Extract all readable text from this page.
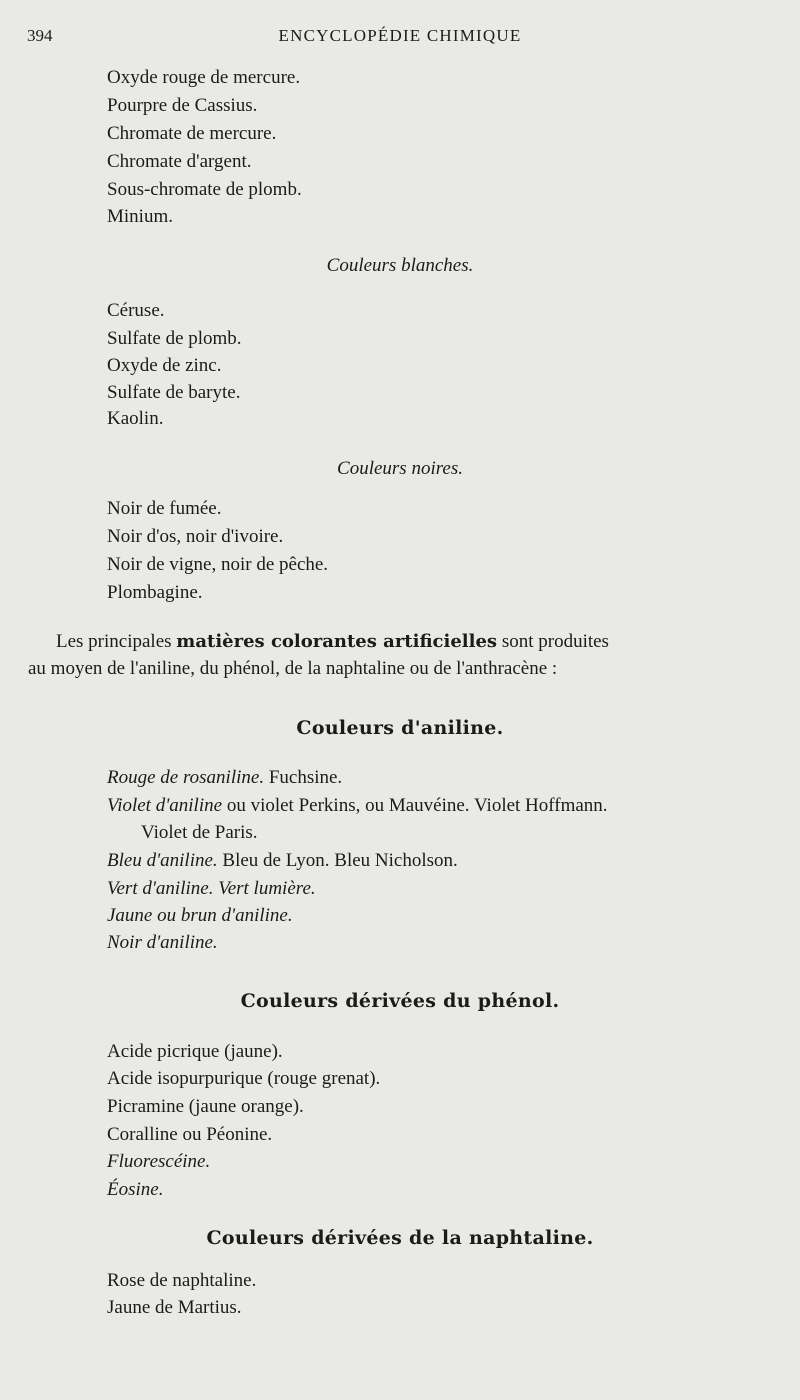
394	ENCYCLOPÉDIE CHIMIQUE
Oxyde rouge de mercure.
Pourpre de Cassius.
Chromate de mercure.
Chromate d'argent.
Sous-chromate de plomb.
Minium.
Couleurs blanches.
Céruse.
Sulfate de plomb.
Oxyde de zinc.
Sulfate de baryte.
Kaolin.
Couleurs noires.
Noir de fumée.
Noir d'os, noir d'ivoire.
Noir de vigne, noir de pêche.
Plombagine.
Les principales matières colorantes artificielles sont produites
au moyen de l'aniline, du phénol, de la naphtaline ou de l'anthracène :
Couleurs d'aniline.
Rouge de rosaniline. Fuchsine.
Violet d'aniline ou violet Perkins, ou Mauvéine. Violet Hoffmann.
Violet de Paris.
Bleu d'aniline. Bleu de Lyon. Bleu Nicholson.
Vert d'aniline. Vert lumière.
Jaune ou brun d'aniline.
Noir d'aniline.
Couleurs dérivées du phénol.
Acide picrique (jaune).
Acide isopurpurique (rouge grenat).
Picramine (jaune orange).
Coralline ou Péonine.
Fluorescéine.
Éosine.
Couleurs dérivées de la naphtaline.
Rose de naphtaline.
Jaune de Martius.
